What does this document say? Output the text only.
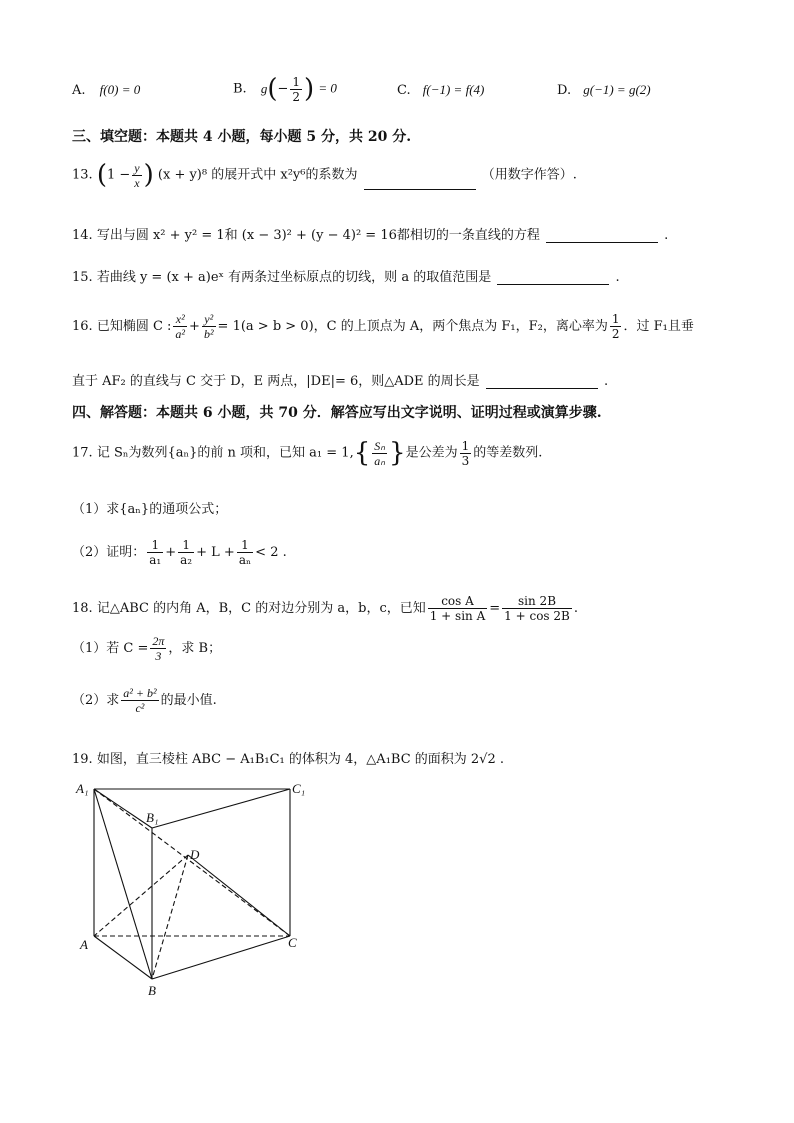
A. f(0) = 0	B. $g(- \frac{1}{2}$ ) = 0	C. f(−1) = f(4)	D. g(−1) = g(2)
三、填空题：本题共 4 小题，每小题 5 分，共 20 分.
13. ($1 - \frac{y}{x}$ ) (x + y)⁸ 的展开式中 x²y⁶的系数为	（用数字作答）.
14. 写出与圆 x² + y² = 1和 (x − 3)² + (y − 4)² = 16都相切的一条直线的方程	.
15. 若曲线 y = (x + a)eˣ 有两条过坐标原点的切线，则 a 的取值范围是	.
16. 已知椭圆 C : $\frac{\text{x²}}{\text{a²}} + \frac{\text{y²}}{\text{b²}} = 1(a > b > 0)$，C 的上顶点为 A，两个焦点为 F₁，F₂，离心率为 $\frac{1}{2}$ ．过 F₁且垂
直于 AF₂ 的直线与 C 交于 D，E 两点，|DE|= 6，则△ADE 的周长是	.
四、解答题：本题共 6 小题，共 70 分．解答应写出文字说明、证明过程或演算步骤.
17. 记 Sₙ为数列{aₙ}的前 n 项和，已知 $a_1 = 1,\{ \frac{\text{Sₙ}}{\text{aₙ}}$ }是公差为 $\frac{1}{3}$ 的等差数列.
（1）求{aₙ}的通项公式；
（2）证明： $\frac{1}{\text{a₁}} + \frac{1}{\text{a₂}} + L + \frac{1}{\text{aₙ}} < 2$ .
18. 记△ABC 的内角 A，B，C 的对边分别为 a，b，c，已知 $\frac{\text{cos A}}{\text{1 + sin A}} = \frac{\sin 2B}{1 + \cos 2B}$ .
（1）若 $C = \frac{2\pi}{3}$ ，求 B；
（2）求 $\frac{\text{a² + b²}}{\text{c²}}$ 的最小值.
19. 如图，直三棱柱 ABC − A₁B₁C₁ 的体积为 4，△A₁BC 的面积为 2√2 .
A₁
B₁
C₁
D
A
B
C
